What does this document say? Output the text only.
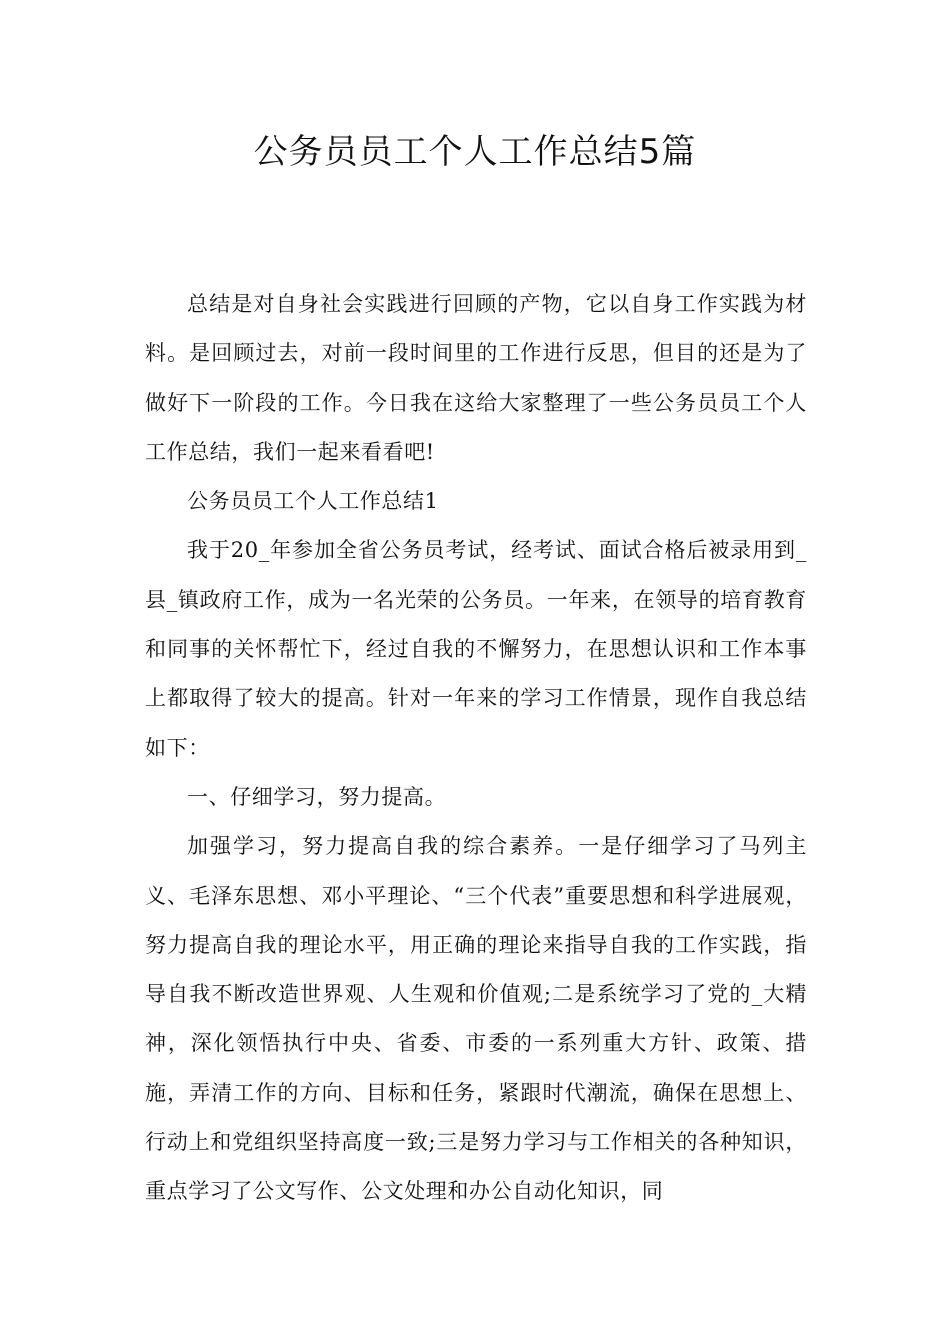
公务员员工个人工作总结5篇

总结是对自身社会实践进行回顾的产物，它以自身工作实践为材料。是回顾过去，对前一段时间里的工作进行反思，但目的还是为了做好下一阶段的工作。今日我在这给大家整理了一些公务员员工个人工作总结，我们一起来看看吧!

公务员员工个人工作总结1

我于20_年参加全省公务员考试，经考试、面试合格后被录用到_县_镇政府工作，成为一名光荣的公务员。一年来，在领导的培育教育和同事的关怀帮忙下，经过自我的不懈努力，在思想认识和工作本事上都取得了较大的提高。针对一年来的学习工作情景，现作自我总结如下：

一、仔细学习，努力提高。

加强学习，努力提高自我的综合素养。一是仔细学习了马列主义、毛泽东思想、邓小平理论、“三个代表”重要思想和科学进展观，努力提高自我的理论水平，用正确的理论来指导自我的工作实践，指导自我不断改造世界观、人生观和价值观;二是系统学习了党的_大精神，深化领悟执行中央、省委、市委的一系列重大方针、政策、措施，弄清工作的方向、目标和任务，紧跟时代潮流，确保在思想上、行动上和党组织坚持高度一致;三是努力学习与工作相关的各种知识，重点学习了公文写作、公文处理和办公自动化知识，同
